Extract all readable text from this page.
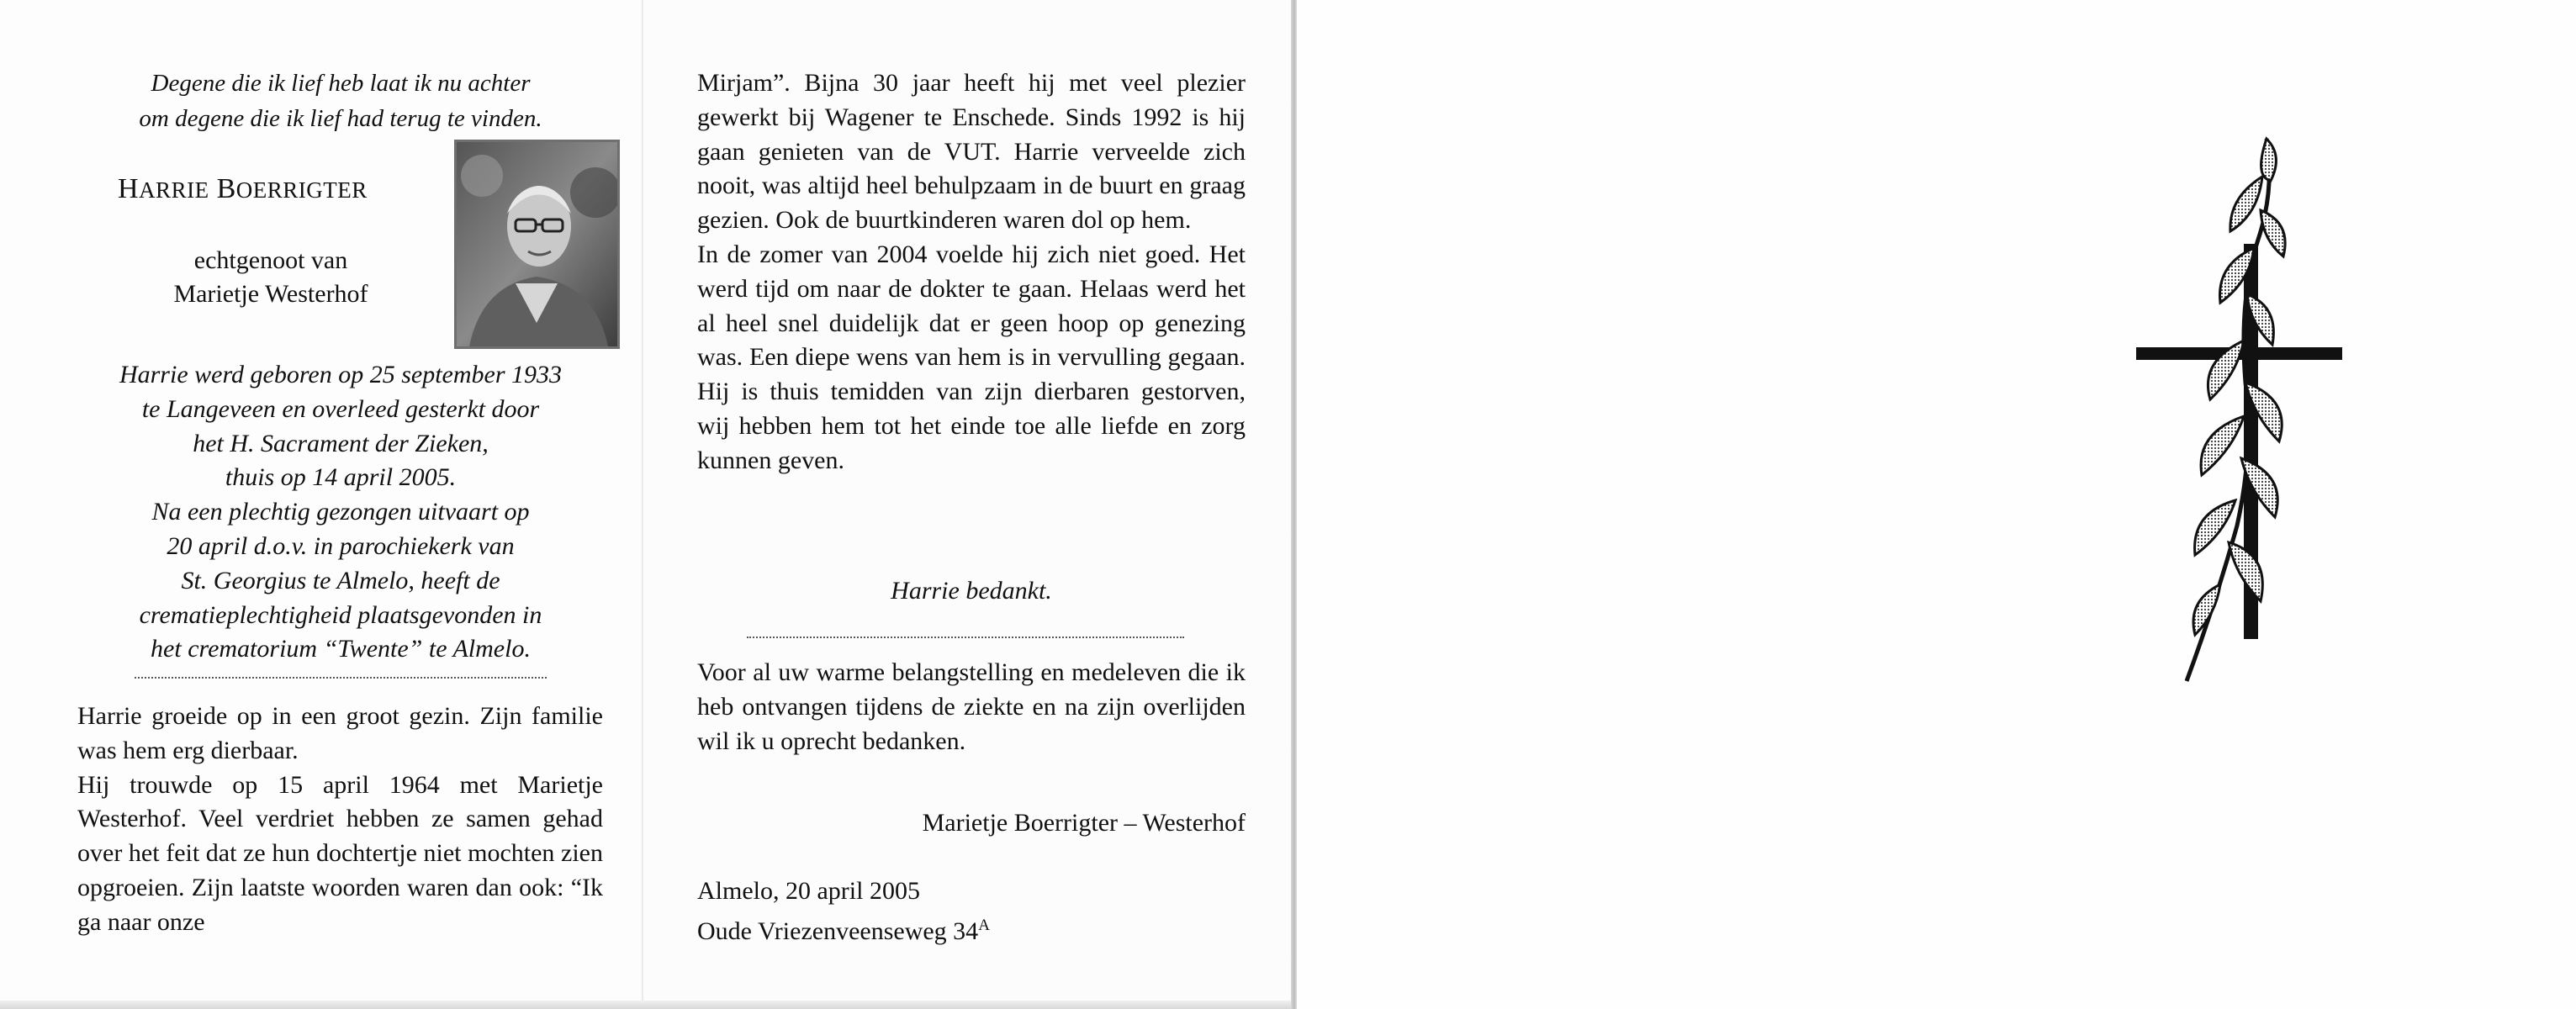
Degene die ik lief heb laat ik nu achter
om degene die ik lief had terug te vinden.
HARRIE BOERRIGTER
echtgenoot van
Marietje Westerhof
Harrie werd geboren op 25 september 1933
te Langeveen en overleed gesterkt door
het H. Sacrament der Zieken,
thuis op 14 april 2005.
Na een plechtig gezongen uitvaart op
20 april d.o.v. in parochiekerk van
St. Georgius te Almelo, heeft de
crematieplechtigheid plaatsgevonden in
het crematorium “Twente” te Almelo.

Harrie groeide op in een groot gezin. Zijn familie was hem erg dierbaar.

Hij trouwde op 15 april 1964 met Marietje Westerhof. Veel verdriet hebben ze samen gehad over het feit dat ze hun dochtertje niet mochten zien opgroeien. Zijn laatste woorden waren dan ook: “Ik ga naar onze

Mirjam”. Bijna 30 jaar heeft hij met veel plezier gewerkt bij Wagener te Enschede. Sinds 1992 is hij gaan genieten van de VUT. Harrie verveelde zich nooit, was altijd heel behulpzaam in de buurt en graag gezien. Ook de buurtkinderen waren dol op hem.

In de zomer van 2004 voelde hij zich niet goed. Het werd tijd om naar de dokter te gaan. Helaas werd het al heel snel duidelijk dat er geen hoop op genezing was. Een diepe wens van hem is in vervulling gegaan. Hij is thuis temidden van zijn dierbaren gestorven, wij hebben hem tot het einde toe alle liefde en zorg kunnen geven.

Harrie bedankt.
Voor al uw warme belangstelling en medeleven die ik heb ontvangen tijdens de ziekte en na zijn overlijden wil ik u oprecht bedanken.
Marietje Boerrigter – Westerhof
Almelo, 20 april 2005
Oude Vriezenveenseweg $34^A$
